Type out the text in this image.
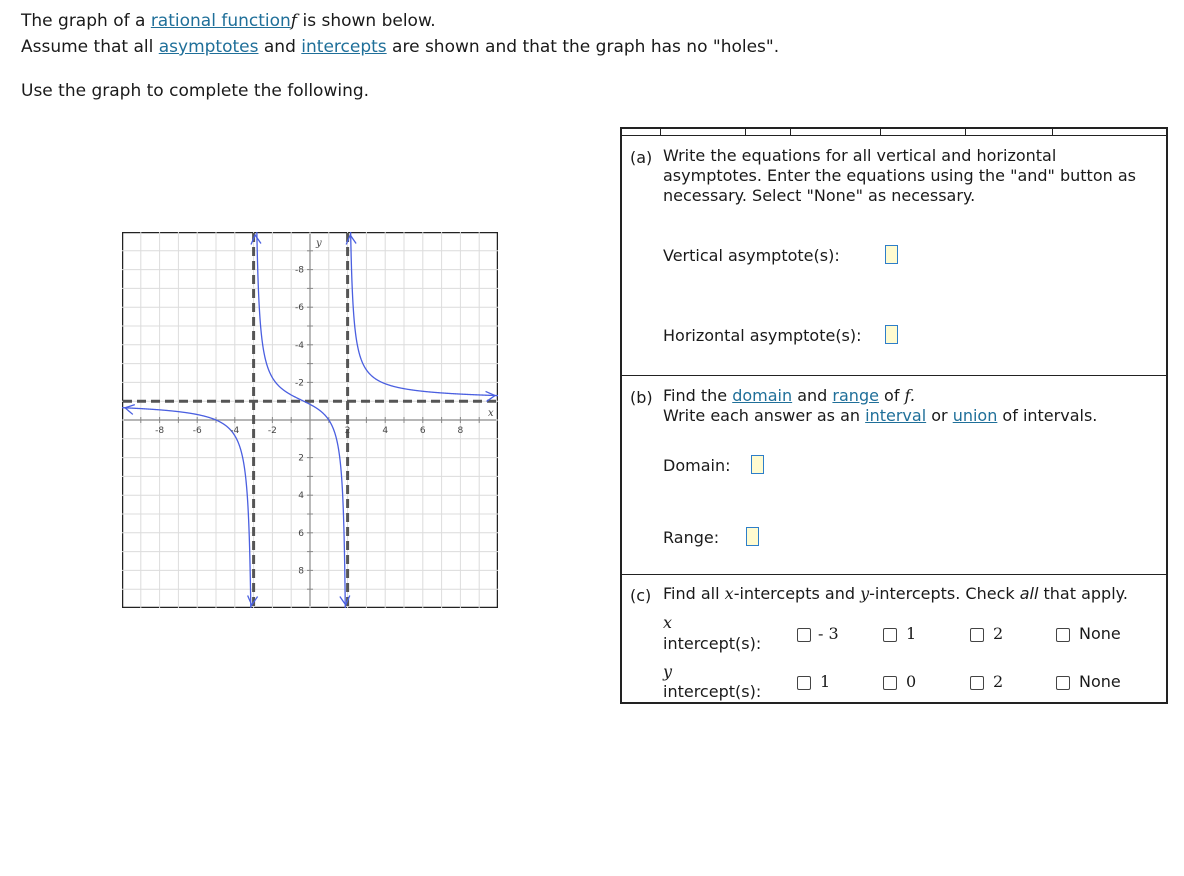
The graph of a rational functionf is shown below.

Assume that all asymptotes and intercepts are shown and that the graph has no "holes".

Use the graph to complete the following.

-8	-6	-4	-2	2	4	6	8
8
6
4
2
-2
-4
-6
-8
x
y
(a) Write the equations for all vertical and horizontal asymptotes. Enter the equations using the "and" button as necessary. Select "None" as necessary.
Vertical asymptote(s):
Horizontal asymptote(s):
(b) Find the domain and range of f.
Write each answer as an interval or union of intervals.
Domain:
Range:
(c) Find all x-intercepts and y-intercepts. Check all that apply.
x
intercept(s):
- 3	1	2	None
y
intercept(s):
1	0	2	None
